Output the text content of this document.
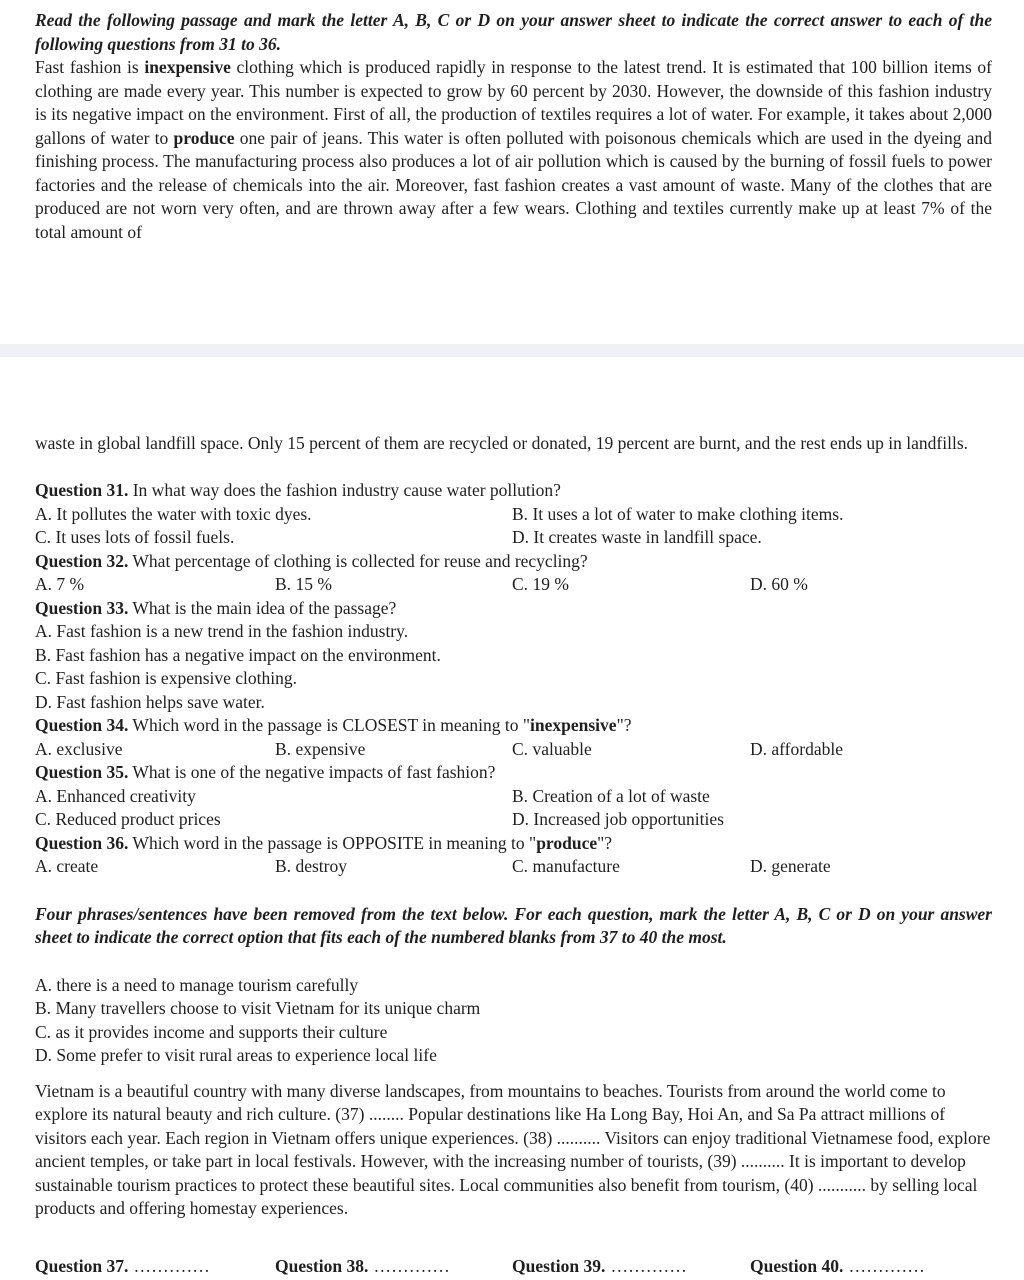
Read the following passage and mark the letter A, B, C or D on your answer sheet to indicate the correct answer to each of the following questions from 31 to 36.

Fast fashion is inexpensive clothing which is produced rapidly in response to the latest trend. It is estimated that 100 billion items of clothing are made every year. This number is expected to grow by 60 percent by 2030. However, the downside of this fashion industry is its negative impact on the environment. First of all, the production of textiles requires a lot of water. For example, it takes about 2,000 gallons of water to produce one pair of jeans. This water is often polluted with poisonous chemicals which are used in the dyeing and finishing process. The manufacturing process also produces a lot of air pollution which is caused by the burning of fossil fuels to power factories and the release of chemicals into the air. Moreover, fast fashion creates a vast amount of waste. Many of the clothes that are produced are not worn very often, and are thrown away after a few wears. Clothing and textiles currently make up at least 7% of the total amount of

waste in global landfill space. Only 15 percent of them are recycled or donated, 19 percent are burnt, and the rest ends up in landfills.

Question 31. In what way does the fashion industry cause water pollution?

A. It pollutes the water with toxic dyes.	B. It uses a lot of water to make clothing items.
C. It uses lots of fossil fuels.	D. It creates waste in landfill space.

Question 32. What percentage of clothing is collected for reuse and recycling?

A. 7 %	B. 15 %	C. 19 %	D. 60 %

Question 33. What is the main idea of the passage?

A. Fast fashion is a new trend in the fashion industry.

B. Fast fashion has a negative impact on the environment.

C. Fast fashion is expensive clothing.

D. Fast fashion helps save water.

Question 34. Which word in the passage is CLOSEST in meaning to "inexpensive"?

A. exclusive	B. expensive	C. valuable	D. affordable

Question 35. What is one of the negative impacts of fast fashion?

A. Enhanced creativity	B. Creation of a lot of waste
C. Reduced product prices	D. Increased job opportunities

Question 36. Which word in the passage is OPPOSITE in meaning to "produce"?

A. create	B. destroy	C. manufacture	D. generate

Four phrases/sentences have been removed from the text below. For each question, mark the letter A, B, C or D on your answer sheet to indicate the correct option that fits each of the numbered blanks from 37 to 40 the most.

A. there is a need to manage tourism carefully

B. Many travellers choose to visit Vietnam for its unique charm

C. as it provides income and supports their culture

D. Some prefer to visit rural areas to experience local life

Vietnam is a beautiful country with many diverse landscapes, from mountains to beaches. Tourists from around the world come to explore its natural beauty and rich culture. (37) ........ Popular destinations like Ha Long Bay, Hoi An, and Sa Pa attract millions of visitors each year. Each region in Vietnam offers unique experiences. (38) .......... Visitors can enjoy traditional Vietnamese food, explore ancient temples, or take part in local festivals. However, with the increasing number of tourists, (39) .......... It is important to develop sustainable tourism practices to protect these beautiful sites. Local communities also benefit from tourism, (40) ........... by selling local products and offering homestay experiences.

Question 37. .............	Question 38. .............	Question 39. .............	Question 40. .............
